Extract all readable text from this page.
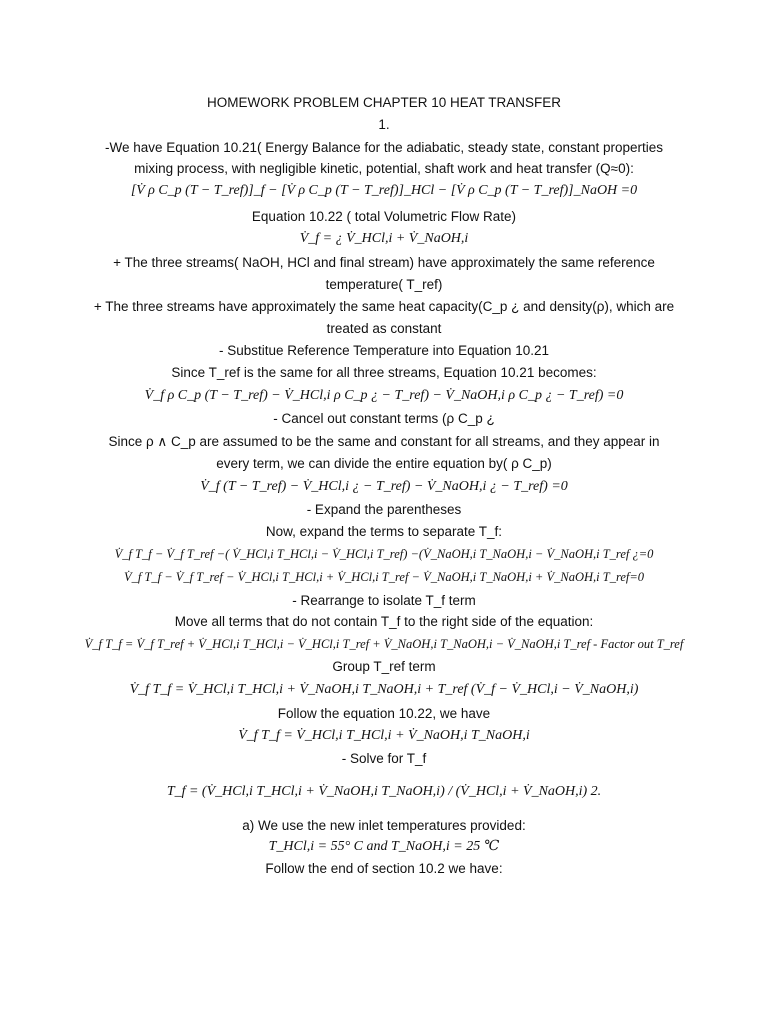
HOMEWORK PROBLEM CHAPTER 10 HEAT TRANSFER
1.
-We have Equation 10.21( Energy Balance for the adiabatic, steady state, constant properties
mixing process, with negligible kinetic, potential, shaft work and heat transfer (Q≈0):
[V̇ ρ C_p (T − T_ref)]_f − [V̇ ρ C_p (T − T_ref)]_HCl − [V̇ ρ C_p (T − T_ref)]_NaOH =0
Equation 10.22 ( total Volumetric Flow Rate)
V̇_f = ¿ V̇_HCl,i + V̇_NaOH,i
+ The three streams( NaOH, HCl and final stream) have approximately the same reference
temperature( T_ref)
+ The three streams have approximately the same heat capacity(C_p ¿ and density(ρ), which are
treated as constant
- Substitue Reference Temperature into Equation 10.21
Since T_ref is the same for all three streams, Equation 10.21 becomes:
V̇_f ρ C_p (T − T_ref) − V̇_HCl,i ρ C_p ¿ − T_ref) − V̇_NaOH,i ρ C_p ¿ − T_ref) =0
- Cancel out constant terms (ρ C_p ¿
Since ρ ∧ C_p are assumed to be the same and constant for all streams, and they appear in
every term, we can divide the entire equation by( ρ C_p)
V̇_f (T − T_ref) − V̇_HCl,i ¿ − T_ref) − V̇_NaOH,i ¿ − T_ref) =0
- Expand the parentheses
Now, expand the terms to separate T_f:
V̇_f T_f − V̇_f T_ref −( V̇_HCl,i T_HCl,i − V̇_HCl,i T_ref) −(V̇_NaOH,i T_NaOH,i − V̇_NaOH,i T_ref ¿=0
V̇_f T_f − V̇_f T_ref − V̇_HCl,i T_HCl,i + V̇_HCl,i T_ref − V̇_NaOH,i T_NaOH,i + V̇_NaOH,i T_ref=0
- Rearrange to isolate T_f term
Move all terms that do not contain T_f to the right side of the equation:
V̇_f T_f = V̇_f T_ref + V̇_HCl,i T_HCl,i − V̇_HCl,i T_ref + V̇_NaOH,i T_NaOH,i − V̇_NaOH,i T_ref - Factor out T_ref
Group T_ref term
V̇_f T_f = V̇_HCl,i T_HCl,i + V̇_NaOH,i T_NaOH,i + T_ref (V̇_f − V̇_HCl,i − V̇_NaOH,i)
Follow the equation 10.22, we have
V̇_f T_f = V̇_HCl,i T_HCl,i + V̇_NaOH,i T_NaOH,i
- Solve for T_f
T_f = (V̇_HCl,i T_HCl,i + V̇_NaOH,i T_NaOH,i) / (V̇_HCl,i + V̇_NaOH,i) 2.
a) We use the new inlet temperatures provided:
T_HCl,i = 55° C and T_NaOH,i = 25 ℃
Follow the end of section 10.2 we have:
